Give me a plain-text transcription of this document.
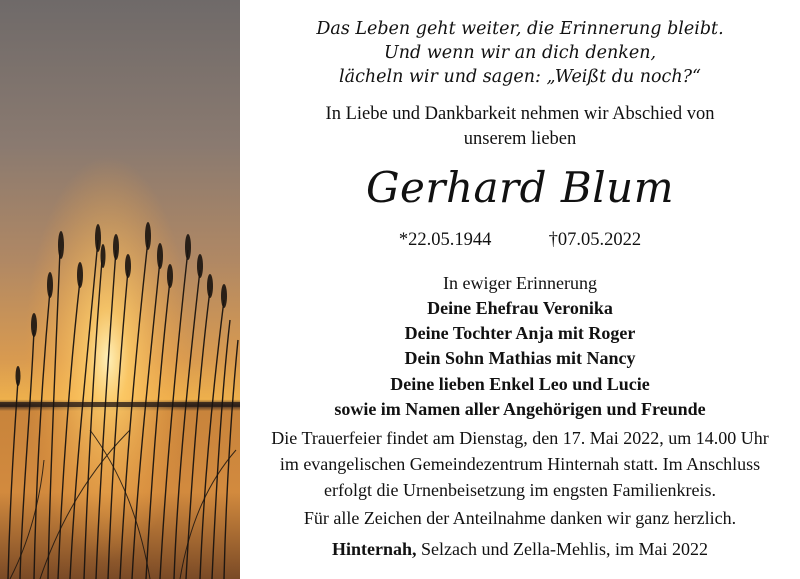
Das Leben geht weiter, die Erinnerung bleibt.
Und wenn wir an dich denken,
lächeln wir und sagen: „Weißt du noch?“
In Liebe und Dankbarkeit nehmen wir Abschied von
unserem lieben
Gerhard Blum
*22.05.1944	†07.05.2022
In ewiger Erinnerung
Deine Ehefrau Veronika
Deine Tochter Anja mit Roger
Dein Sohn Mathias mit Nancy
Deine lieben Enkel Leo und Lucie
sowie im Namen aller Angehörigen und Freunde
Die Trauerfeier findet am Dienstag, den 17. Mai 2022, um 14.00 Uhr
im evangelischen Gemeindezentrum Hinternah statt. Im Anschluss
erfolgt die Urnenbeisetzung im engsten Familienkreis.
Für alle Zeichen der Anteilnahme danken wir ganz herzlich.
Hinternah, Selzach und Zella-Mehlis, im Mai 2022
